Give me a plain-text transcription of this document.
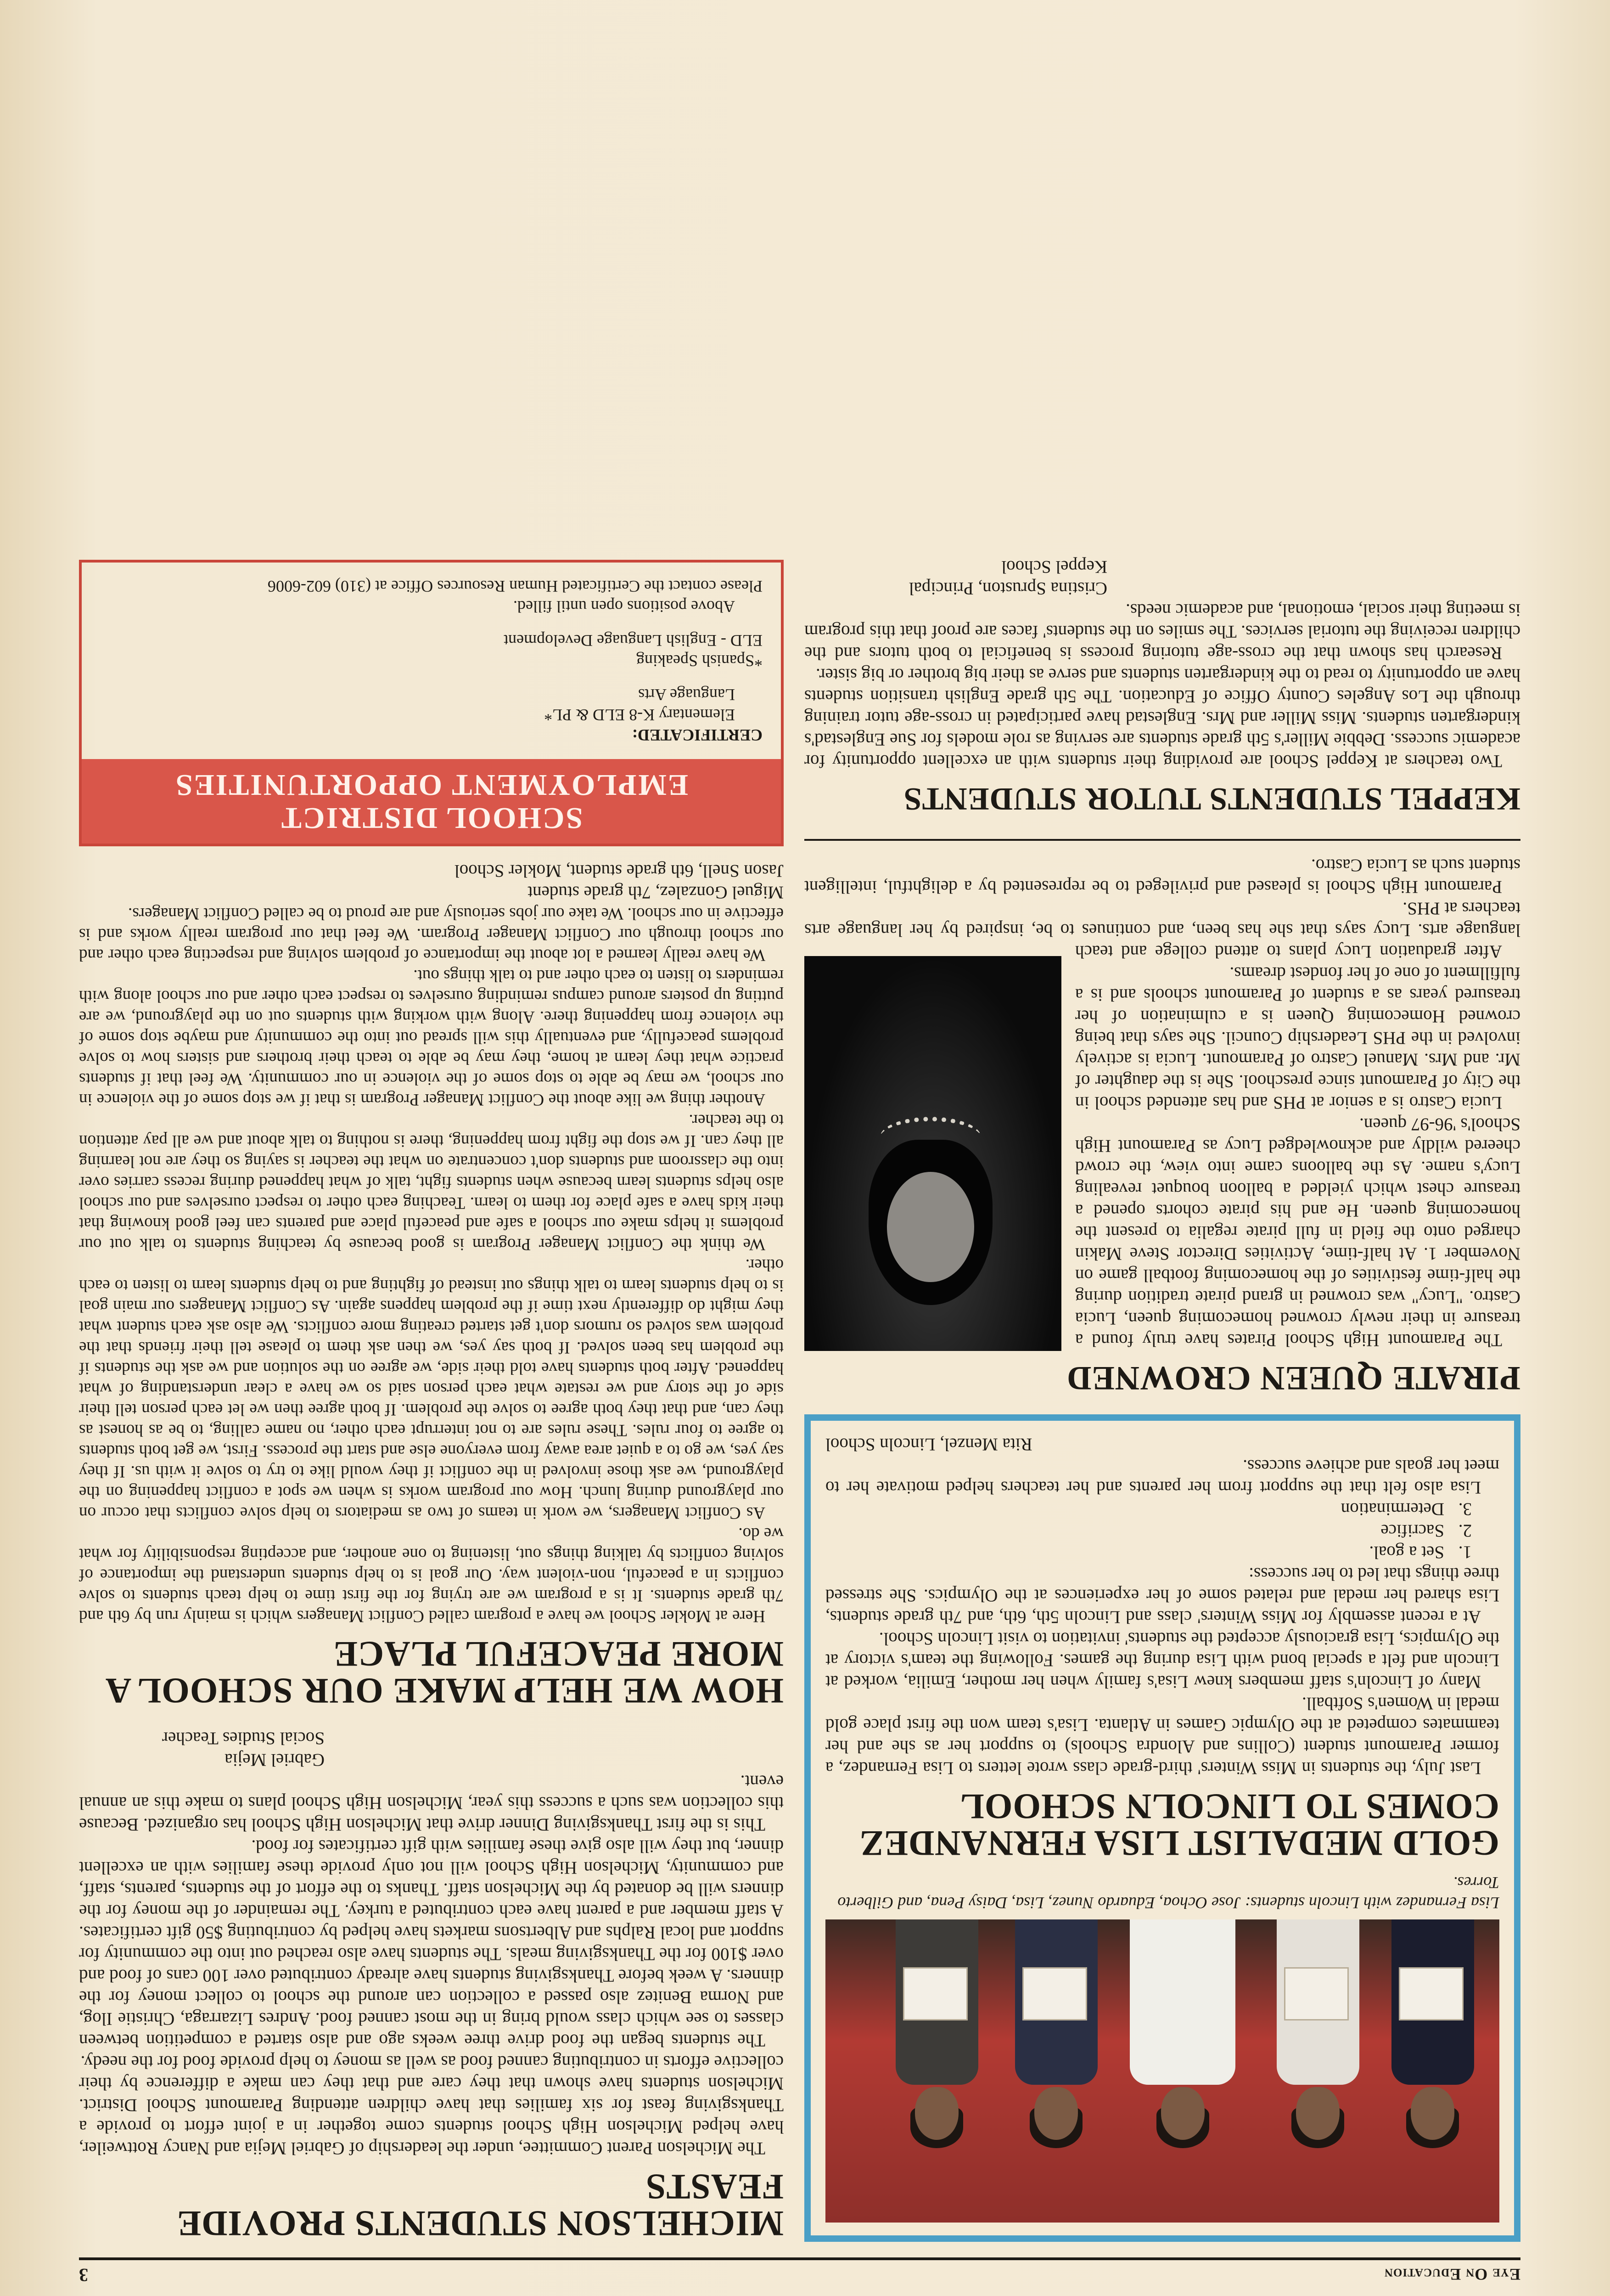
Eye On Education
3
Lisa Fernandez with Lincoln students: Jose Ochoa, Eduardo Nunez, Lisa, Daisy Pena, and Gilberto Torres.
GOLD MEDALIST LISA FERNANDEZ COMES TO LINCOLN SCHOOL

Last July, the students in Miss Winters' third-grade class wrote letters to Lisa Fernandez, a former Paramount student (Collins and Alondra Schools) to support her as she and her teammates competed at the Olympic Games in Atlanta. Lisa's team won the first place gold medal in Women's Softball.

Many of Lincoln's staff members knew Lisa's family when her mother, Emilia, worked at Lincoln and felt a special bond with Lisa during the games. Following the team's victory at the Olympics, Lisa graciously accepted the students' invitation to visit Lincoln School.

At a recent assembly for Miss Winters' class and Lincoln 5th, 6th, and 7th grade students, Lisa shared her medal and related some of her experiences at the Olympics. She stressed three things that led to her success:

1.
Set a goal.
2.
Sacrifice
3.
Determination

Lisa also felt that the support from her parents and her teachers helped motivate her to meet her goals and achieve success.

Rita Menzel, Lincoln School
PIRATE QUEEN CROWNED

The Paramount High School Pirates have truly found a treasure in their newly crowned homecoming queen, Lucia Castro. "Lucy" was crowned in grand pirate tradition during the half-time festivities of the homecoming football game on November 1. At half-time, Activities Director Steve Makin charged onto the field in full pirate regalia to present the homecoming queen. He and his pirate cohorts opened a treasure chest which yielded a balloon bouquet revealing Lucy's name. As the balloons came into view, the crowd cheered wildly and acknowledged Lucy as Paramount High School's '96-97 queen.

Lucia Castro is a senior at PHS and has attended school in the City of Paramount since preschool. She is the daughter of Mr. and Mrs. Manuel Castro of Paramount. Lucia is actively involved in the PHS Leadership Council. She says that being crowned Homecoming Queen is a culmination of her treasured years as a student of Paramount schools and is a fulfillment of one of her fondest dreams.

After graduation Lucy plans to attend college and teach language arts. Lucy says that she has been, and continues to be, inspired by her language arts teachers at PHS.

Paramount High School is pleased and privileged to be represented by a delightful, intelligent student such as Lucia Castro.

KEPPEL STUDENTS TUTOR STUDENTS

Two teachers at Keppel School are providing their students with an excellent opportunity for academic success. Debbie Miller's 5th grade students are serving as role models for Sue Englestad's kindergarten students. Miss Miller and Mrs. Englestad have participated in cross-age tutor training through the Los Angeles County Office of Education. The 5th grade English transition students have an opportunity to read to the kindergarten students and serve as their big brother or big sister.

Research has shown that the cross-age tutoring process is beneficial to both tutors and the children receiving the tutorial services. The smiles on the students' faces are proof that this program is meeting their social, emotional, and academic needs.

Cristina Spruston, Principal
Keppel School
MICHELSON STUDENTS PROVIDE FEASTS

The Michelson Parent Committee, under the leadership of Gabriel Mejia and Nancy Rottweiler, have helped Michelson High School students come together in a joint effort to provide a Thanksgiving feast for six families that have children attending Paramount School District. Michelson students have shown that they care and that they can make a difference by their collective efforts in contributing canned food as well as money to help provide food for the needy.

The students began the food drive three weeks ago and also started a competition between classes to see which class would bring in the most canned food. Andres Lizarraga, Christie Ilog, and Norma Benitez also passed a collection can around the school to collect money for the dinners. A week before Thanksgiving students have already contributed over 100 cans of food and over $100 for the Thanksgiving meals. The students have also reached out into the community for support and local Ralphs and Albertsons markets have helped by contributing $50 gift certificates. A staff member and a parent have each contributed a turkey. The remainder of the money for the dinners will be donated by the Michelson staff. Thanks to the effort of the students, parents, staff, and community, Michelson High School will not only provide these families with an excellent dinner, but they will also give these families with gift certificates for food.

This is the first Thanksgiving Dinner drive that Michelson High School has organized. Because this collection was such a success this year, Michelson High School plans to make this an annual event.

Gabriel Mejia
Social Studies Teacher
HOW WE HELP MAKE OUR SCHOOL A MORE PEACEFUL PLACE

Here at Mokler School we have a program called Conflict Managers which is mainly run by 6th and 7th grade students. It is a program we are trying for the first time to help teach students to solve conflicts in a peaceful, non-violent way. Our goal is to help students understand the importance of solving conflicts by talking things out, listening to one another, and accepting responsibility for what we do.

As Conflict Managers, we work in teams of two as mediators to help solve conflicts that occur on our playground during lunch. How our program works is when we spot a conflict happening on the playground, we ask those involved in the conflict if they would like to try to solve it with us. If they say yes, we go to a quiet area away from everyone else and start the process. First, we get both students to agree to four rules. These rules are to not interrupt each other, no name calling, to be as honest as they can, and that they both agree to solve the problem. If both agree then we let each person tell their side of the story and we restate what each person said so we have a clear understanding of what happened. After both students have told their side, we agree on the solution and we ask the students if the problem has been solved. If both say yes, we then ask them to please tell their friends that the problem was solved so rumors don't get started creating more conflicts. We also ask each student what they might do differently next time if the problem happens again. As Conflict Managers our main goal is to help students learn to talk things out instead of fighting and to help students learn to listen to each other.

We think the Conflict Manager Program is good because by teaching students to talk out our problems it helps make our school a safe and peaceful place and parents can feel good knowing that their kids have a safe place for them to learn. Teaching each other to respect ourselves and our school also helps students learn because when students fight, talk of what happened during recess carries over into the classroom and students don't concentrate on what the teacher is saying so they are not learning all they can. If we stop the fight from happening, there is nothing to talk about and we all pay attention to the teacher.

Another thing we like about the Conflict Manager Program is that if we stop some of the violence in our school, we may be able to stop some of the violence in our community. We feel that if students practice what they learn at home, they may be able to teach their brothers and sisters how to solve problems peacefully, and eventually this will spread out into the community and maybe stop some of the violence from happening there. Along with working with students out on the playground, we are putting up posters around campus reminding ourselves to respect each other and our school along with reminders to listen to each other and to talk things out.

We have really learned a lot about the importance of problem solving and respecting each other and our school through our Conflict Manager Program. We feel that our program really works and is effective in our school. We take our jobs seriously and are proud to be called Conflict Managers.

Miguel Gonzalez, 7th grade student
Jason Snell, 6th grade student, Mokler School
SCHOOL DISTRICT
EMPLOYMENT OPPORTUNITIES
CERTIFICATED:
Elementary K-8 ELD & PL*
Language Arts
*Spanish Speaking
ELD - English Language Development
Above positions open until filled.
Please contact the Certificated Human Resources Office at (310) 602-6006
